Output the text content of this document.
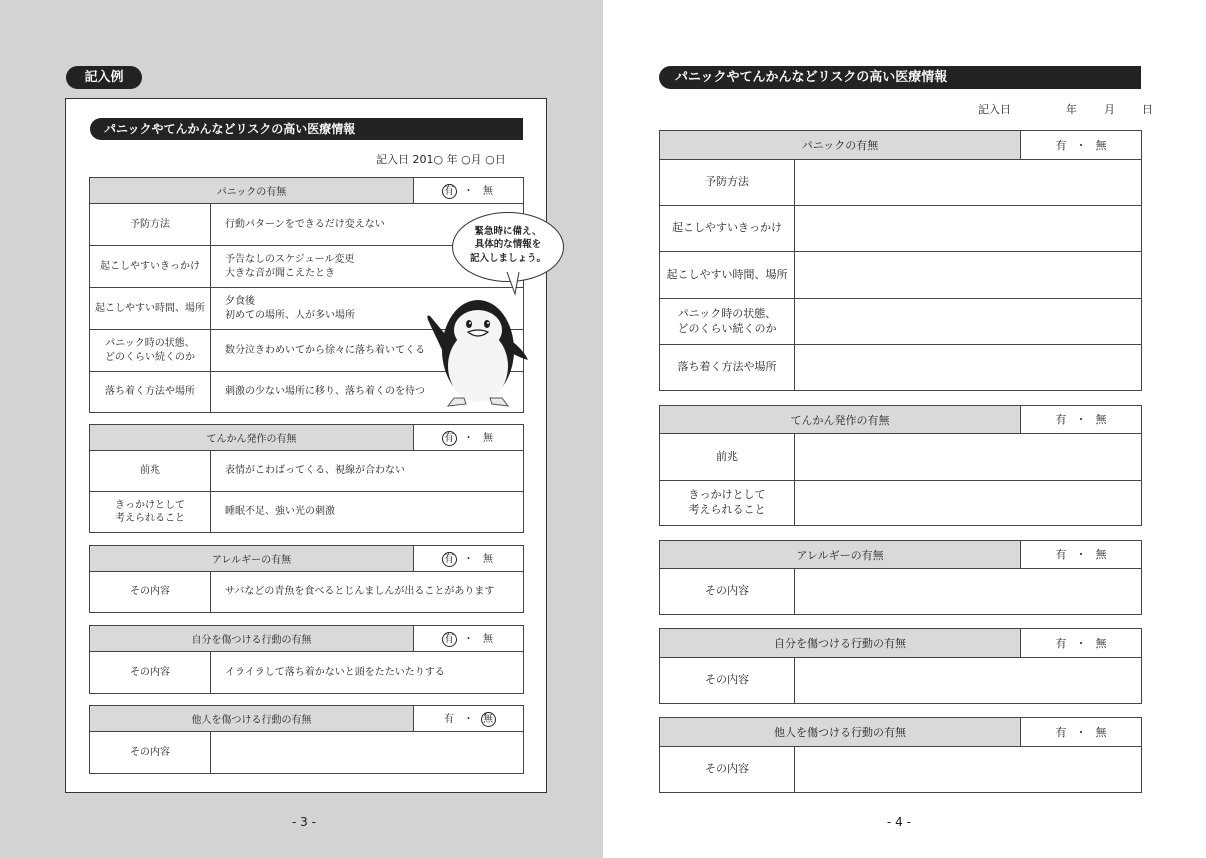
記入例
パニックやてんかんなどリスクの高い医療情報
記入日 201○ 年 ○月 ○日
パニックの有無		有 ・ 無

予防方法	行動パターンをできるだけ変えない	

起こしやすいきっかけ	予告なしのスケジュール変更
大きな音が聞こえたとき	

起こしやすい時間、場所	夕食後
初めての場所、人が多い場所	

パニック時の状態、
どのくらい続くのか	数分泣きわめいてから徐々に落ち着いてくる	

落ち着く方法や場所	刺激の少ない場所に移り、落ち着くのを待つ	
てんかん発作の有無		有 ・ 無

前兆	表情がこわばってくる、視線が合わない	

きっかけとして
考えられること	睡眠不足、強い光の刺激	
アレルギーの有無		有 ・ 無

その内容	サバなどの青魚を食べるとじんましんが出ることがあります	
自分を傷つける行動の有無		有 ・ 無

その内容	イライラして落ち着かないと頭をたたいたりする	
他人を傷つける行動の有無		有 ・ 無

その内容		

緊急時に備え、
具体的な情報を
記入しましょう。
- 3 -
パニックやてんかんなどリスクの高い医療情報
記入日	年 月 日
パニックの有無		有 ・ 無

予防方法		

起こしやすいきっかけ		

起こしやすい時間、場所		

パニック時の状態、
どのくらい続くのか		

落ち着く方法や場所		

てんかん発作の有無		有 ・ 無

前兆		

きっかけとして
考えられること		

アレルギーの有無		有 ・ 無

その内容		

自分を傷つける行動の有無		有 ・ 無

その内容		

他人を傷つける行動の有無		有 ・ 無

その内容		

- 4 -
